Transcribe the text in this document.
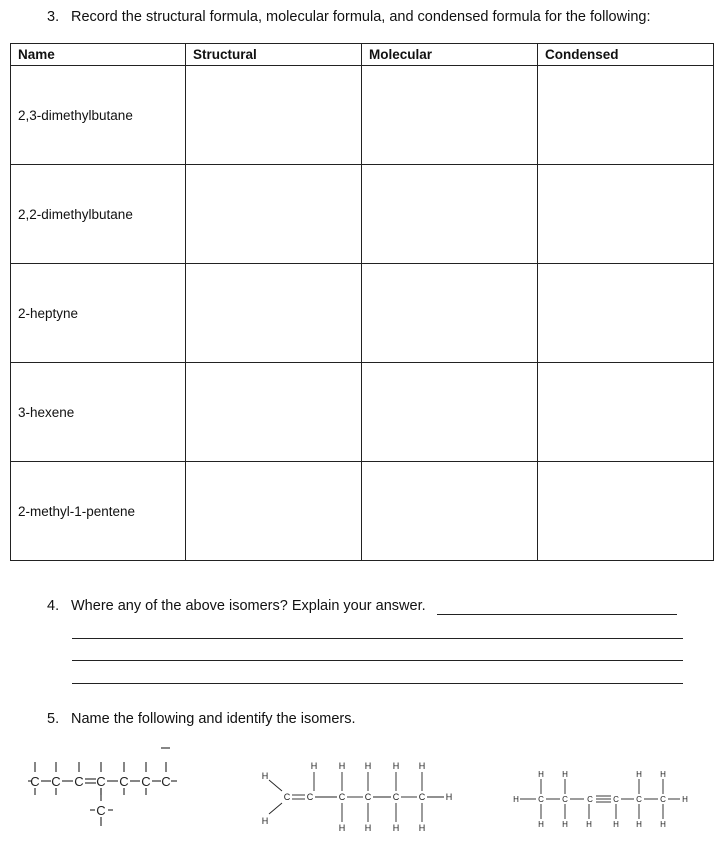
3. Record the structural formula, molecular formula, and condensed formula for the following:
Name	Structural	Molecular	Condensed
2,3-dimethylbutane			
2,2-dimethylbutane			
2-heptyne			
3-hexene			
2-methyl-1-pentene			
4. Where any of the above isomers? Explain your answer.
5. Name the following and identify the isomers.
C C C C C C C
C
H
H
C C	C C C C H
H H H H H
H H H H
H C C C	C C C H
H H	H H
H H H	H H H
